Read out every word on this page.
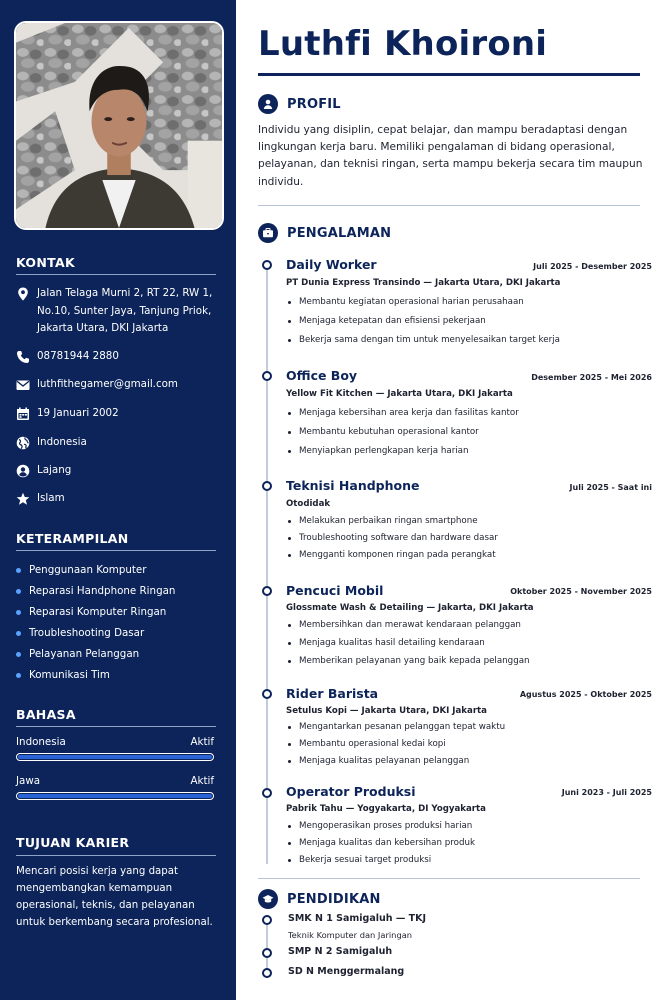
KONTAK
Jalan Telaga Murni 2, RT 22, RW 1,
No.10, Sunter Jaya, Tanjung Priok,
Jakarta Utara, DKI Jakarta
08781944 2880
luthfithegamer@gmail.com
19 Januari 2002
Indonesia
Lajang
Islam
KETERAMPILAN
Penggunaan Komputer
Reparasi Handphone Ringan
Reparasi Komputer Ringan
Troubleshooting Dasar
Pelayanan Pelanggan
Komunikasi Tim
BAHASA
Indonesia	Aktif
Jawa	Aktif
TUJUAN KARIER
Mencari posisi kerja yang dapat mengembangkan kemampuan operasional, teknis, dan pelayanan untuk berkembang secara profesional.
Luthfi Khoironi
PROFIL
Individu yang disiplin, cepat belajar, dan mampu beradaptasi dengan lingkungan kerja baru. Memiliki pengalaman di bidang operasional, pelayanan, dan teknisi ringan, serta mampu bekerja secara tim maupun individu.
PENGALAMAN
Daily Worker	Juli 2025 - Desember 2025
PT Dunia Express Transindo — Jakarta Utara, DKI Jakarta
Membantu kegiatan operasional harian perusahaan
Menjaga ketepatan dan efisiensi pekerjaan
Bekerja sama dengan tim untuk menyelesaikan target kerja
Office Boy	Desember 2025 - Mei 2026
Yellow Fit Kitchen — Jakarta Utara, DKI Jakarta
Menjaga kebersihan area kerja dan fasilitas kantor
Membantu kebutuhan operasional kantor
Menyiapkan perlengkapan kerja harian
Teknisi Handphone	Juli 2025 - Saat ini
Otodidak
Melakukan perbaikan ringan smartphone
Troubleshooting software dan hardware dasar
Mengganti komponen ringan pada perangkat
Pencuci Mobil	Oktober 2025 - November 2025
Glossmate Wash & Detailing — Jakarta, DKI Jakarta
Membersihkan dan merawat kendaraan pelanggan
Menjaga kualitas hasil detailing kendaraan
Memberikan pelayanan yang baik kepada pelanggan
Rider Barista	Agustus 2025 - Oktober 2025
Setulus Kopi — Jakarta Utara, DKI Jakarta
Mengantarkan pesanan pelanggan tepat waktu
Membantu operasional kedai kopi
Menjaga kualitas pelayanan pelanggan
Operator Produksi	Juni 2023 - Juli 2025
Pabrik Tahu — Yogyakarta, DI Yogyakarta
Mengoperasikan proses produksi harian
Menjaga kualitas dan kebersihan produk
Bekerja sesuai target produksi
PENDIDIKAN
SMK N 1 Samigaluh — TKJ
Teknik Komputer dan Jaringan
SMP N 2 Samigaluh
SD N Menggermalang
